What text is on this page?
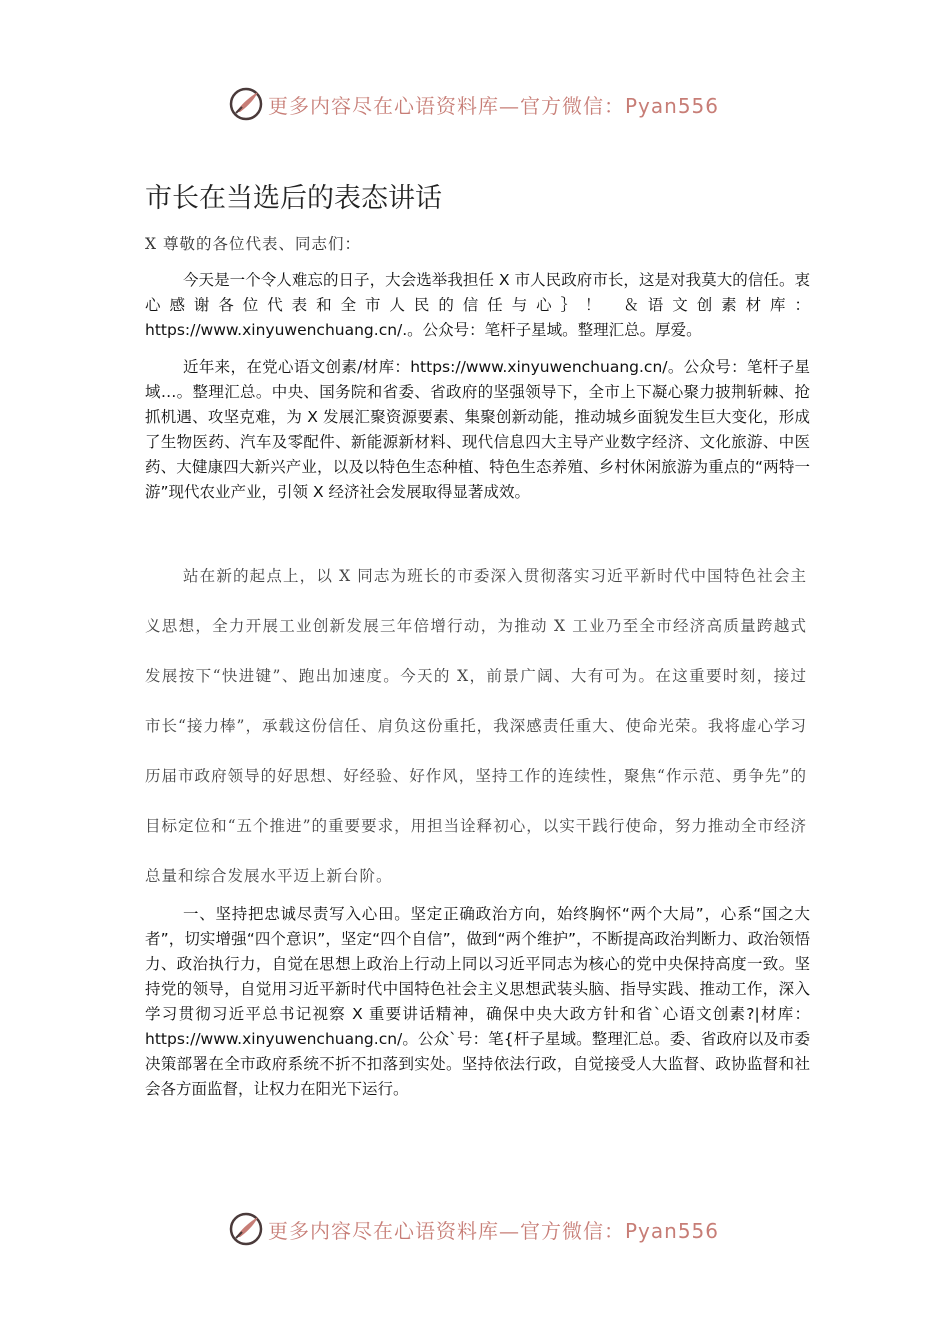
更多内容尽在心语资料库—官方微信：Pyan556
市长在当选后的表态讲话
X 尊敬的各位代表、同志们：

今天是一个令人难忘的日子，大会选举我担任 X 市人民政府市长，这是对我莫大的信任。衷心感谢各位代表和全市人民的信任与心｝！ ＆语文创素材库：https://www.xinyuwenchuang.cn/.。公众号：笔杆子星域。整理汇总。厚爱。

近年来，在党心语文创素/材库：https://www.xinyuwenchuang.cn/。公众号：笔杆子星域…。整理汇总。中央、国务院和省委、省政府的坚强领导下，全市上下凝心聚力披荆斩棘、抢抓机遇、攻坚克难，为 X 发展汇聚资源要素、集聚创新动能，推动城乡面貌发生巨大变化，形成了生物医药、汽车及零配件、新能源新材料、现代信息四大主导产业数字经济、文化旅游、中医药、大健康四大新兴产业，以及以特色生态种植、特色生态养殖、乡村休闲旅游为重点的“两特一游”现代农业产业，引领 X 经济社会发展取得显著成效。

站在新的起点上，以 X 同志为班长的市委深入贯彻落实习近平新时代中国特色社会主义思想，全力开展工业创新发展三年倍增行动，为推动 X 工业乃至全市经济高质量跨越式发展按下“快进键”、跑出加速度。今天的 X，前景广阔、大有可为。在这重要时刻，接过市长“接力棒”，承载这份信任、肩负这份重托，我深感责任重大、使命光荣。我将虚心学习历届市政府领导的好思想、好经验、好作风，坚持工作的连续性，聚焦“作示范、勇争先”的目标定位和“五个推进”的重要要求，用担当诠释初心，以实干践行使命，努力推动全市经济总量和综合发展水平迈上新台阶。

一、坚持把忠诚尽责写入心田。坚定正确政治方向，始终胸怀“两个大局”，心系“国之大者”，切实增强“四个意识”，坚定“四个自信”，做到“两个维护”，不断提高政治判断力、政治领悟力、政治执行力，自觉在思想上政治上行动上同以习近平同志为核心的党中央保持高度一致。坚持党的领导，自觉用习近平新时代中国特色社会主义思想武装头脑、指导实践、推动工作，深入学习贯彻习近平总书记视察 X 重要讲话精神，确保中央大政方针和省`心语文创素?|材库：https://www.xinyuwenchuang.cn/。公众`号：笔{杆子星域。整理汇总。委、省政府以及市委决策部署在全市政府系统不折不扣落到实处。坚持依法行政，自觉接受人大监督、政协监督和社会各方面监督，让权力在阳光下运行。

更多内容尽在心语资料库—官方微信：Pyan556
